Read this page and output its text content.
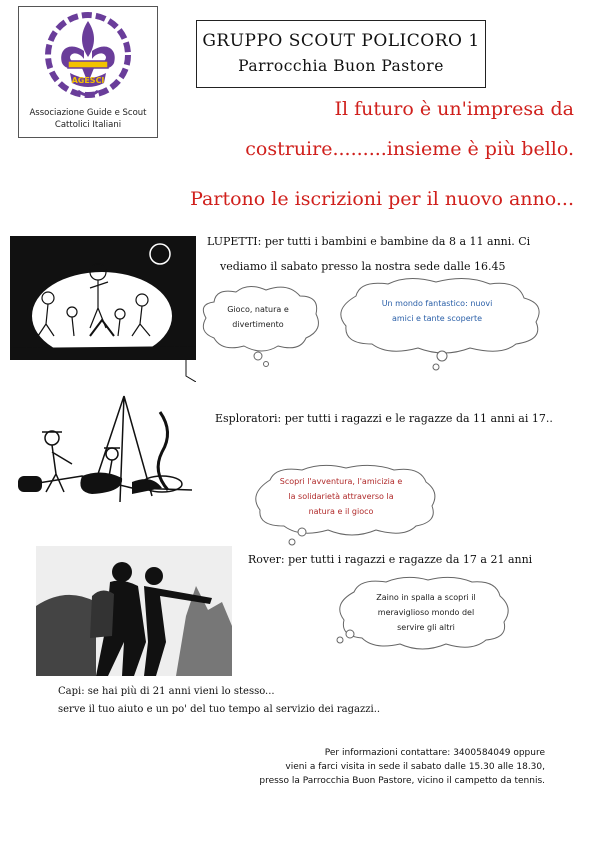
AGESCI
Associazione Guide e Scout
Cattolici Italiani
GRUPPO SCOUT POLICORO 1
Parrocchia Buon Pastore
Il futuro è un'impresa da
costruire.........insieme è più bello.
Partono le iscrizioni per il nuovo anno...
LUPETTI: per tutti i bambini e bambine da 8 a 11 anni. Ci
vediamo il sabato presso la nostra sede dalle 16.45
Gioco, natura e
divertimento
Un mondo fantastico: nuovi
amici e tante scoperte
Esploratori: per tutti i ragazzi e le ragazze da 11 anni ai 17..
Scopri l'avventura, l'amicizia e
la solidarietà attraverso la
natura e il gioco
Rover: per tutti i ragazzi e ragazze da 17 a 21 anni
Zaino in spalla a scopri il
meraviglioso mondo del
servire gli altri
Capi: se hai più di 21 anni vieni lo stesso...
serve il tuo aiuto e un po' del tuo tempo al servizio dei ragazzi..
Per informazioni contattare: 3400584049 oppure
vieni a farci visita in sede il sabato dalle 15.30 alle 18.30,
presso la Parrocchia Buon Pastore, vicino il campetto da tennis.
